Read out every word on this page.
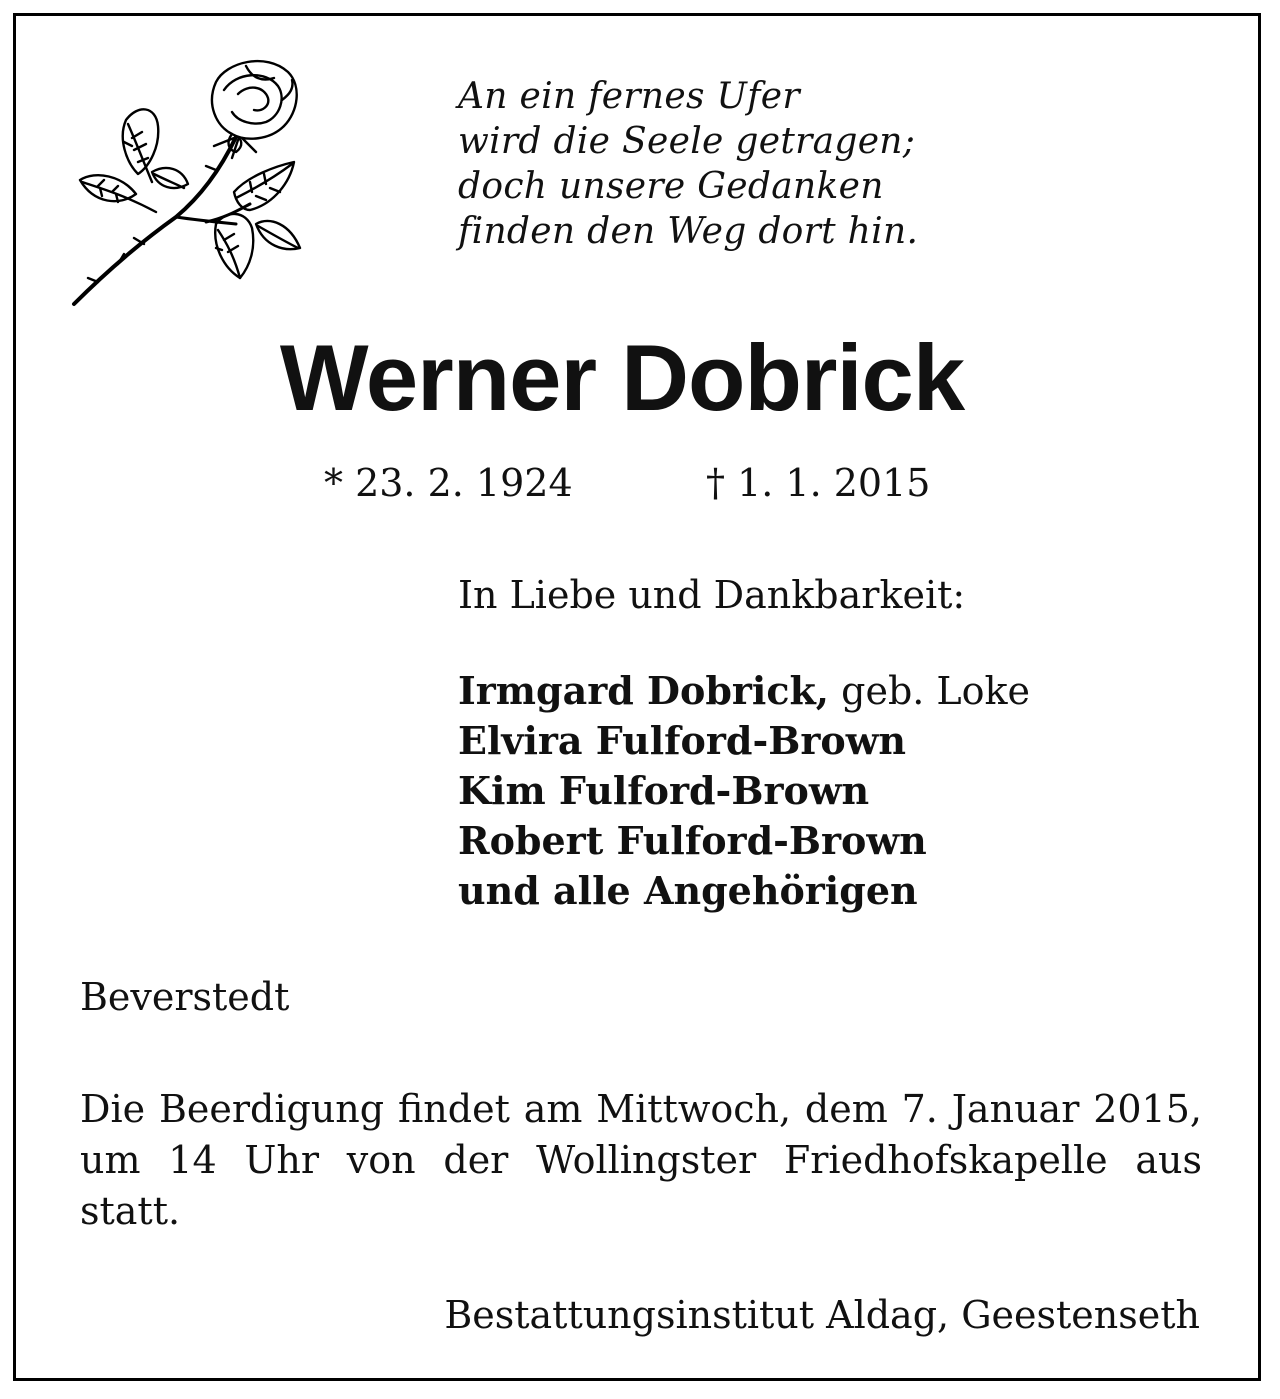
An ein fernes Ufer
wird die Seele getragen;
doch unsere Gedanken
finden den Weg dort hin.
Werner Dobrick
* 23. 2. 1924	† 1. 1. 2015
In Liebe und Dankbarkeit:
Irmgard Dobrick, geb. Loke
Elvira Fulford-Brown
Kim Fulford-Brown
Robert Fulford-Brown
und alle Angehörigen
Beverstedt
Die Beerdigung findet am Mittwoch, dem 7. Januar 2015, um 14 Uhr von der Wollingster Friedhofskapelle aus statt.
Bestattungsinstitut Aldag, Geestenseth
